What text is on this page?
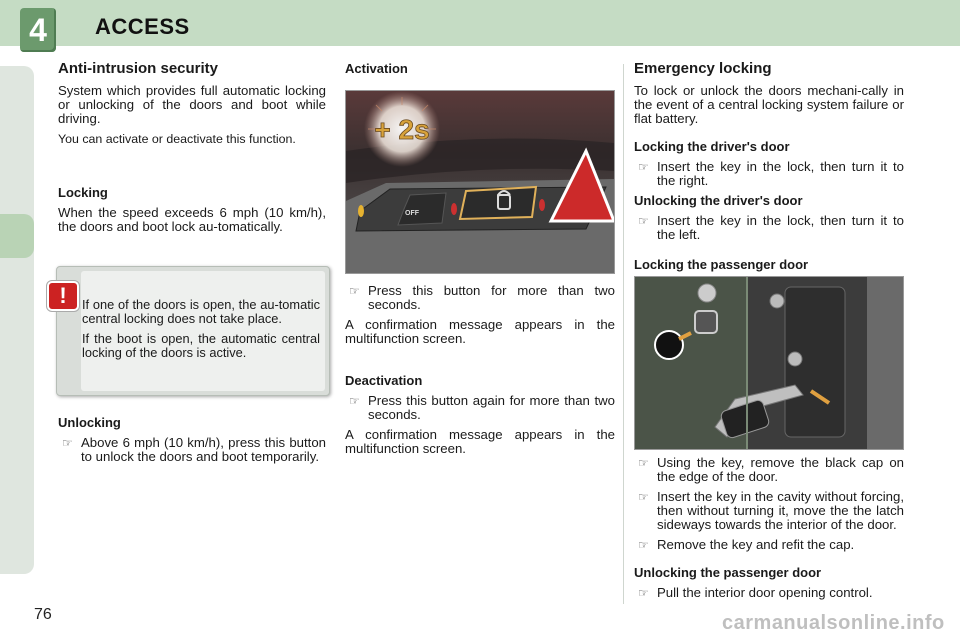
4	ACCESS
Anti-intrusion security

System which provides full automatic locking or unlocking of the doors and boot while driving.

You can activate or deactivate this function.

Locking

When the speed exceeds 6 mph (10 km/h), the doors and boot lock au-tomatically.

!	If one of the doors is open, the au-tomatic central locking does not take place.

If the boot is open, the automatic central locking of the doors is active.

Unlocking
☞ Above 6 mph (10 km/h), press this button to unlock the doors and boot temporarily.
Activation
+ 2s
OFF
☞ Press this button for more than two seconds.

A confirmation message appears in the multifunction screen.

Deactivation
☞ Press this button again for more than two seconds.

A confirmation message appears in the multifunction screen.

Emergency locking

To lock or unlock the doors mechani-cally in the event of a central locking system failure or flat battery.

Locking the driver's door
☞ Insert the key in the lock, then turn it to the right.
Unlocking the driver's door
☞ Insert the key in the lock, then turn it to the left.
Locking the passenger door
☞ Using the key, remove the black cap on the edge of the door.
☞ Insert the key in the cavity without forcing, then without turning it, move the the latch sideways towards the interior of the door.
☞ Remove the key and refit the cap.
Unlocking the passenger door
☞ Pull the interior door opening control.
76	carmanualsonline.info
